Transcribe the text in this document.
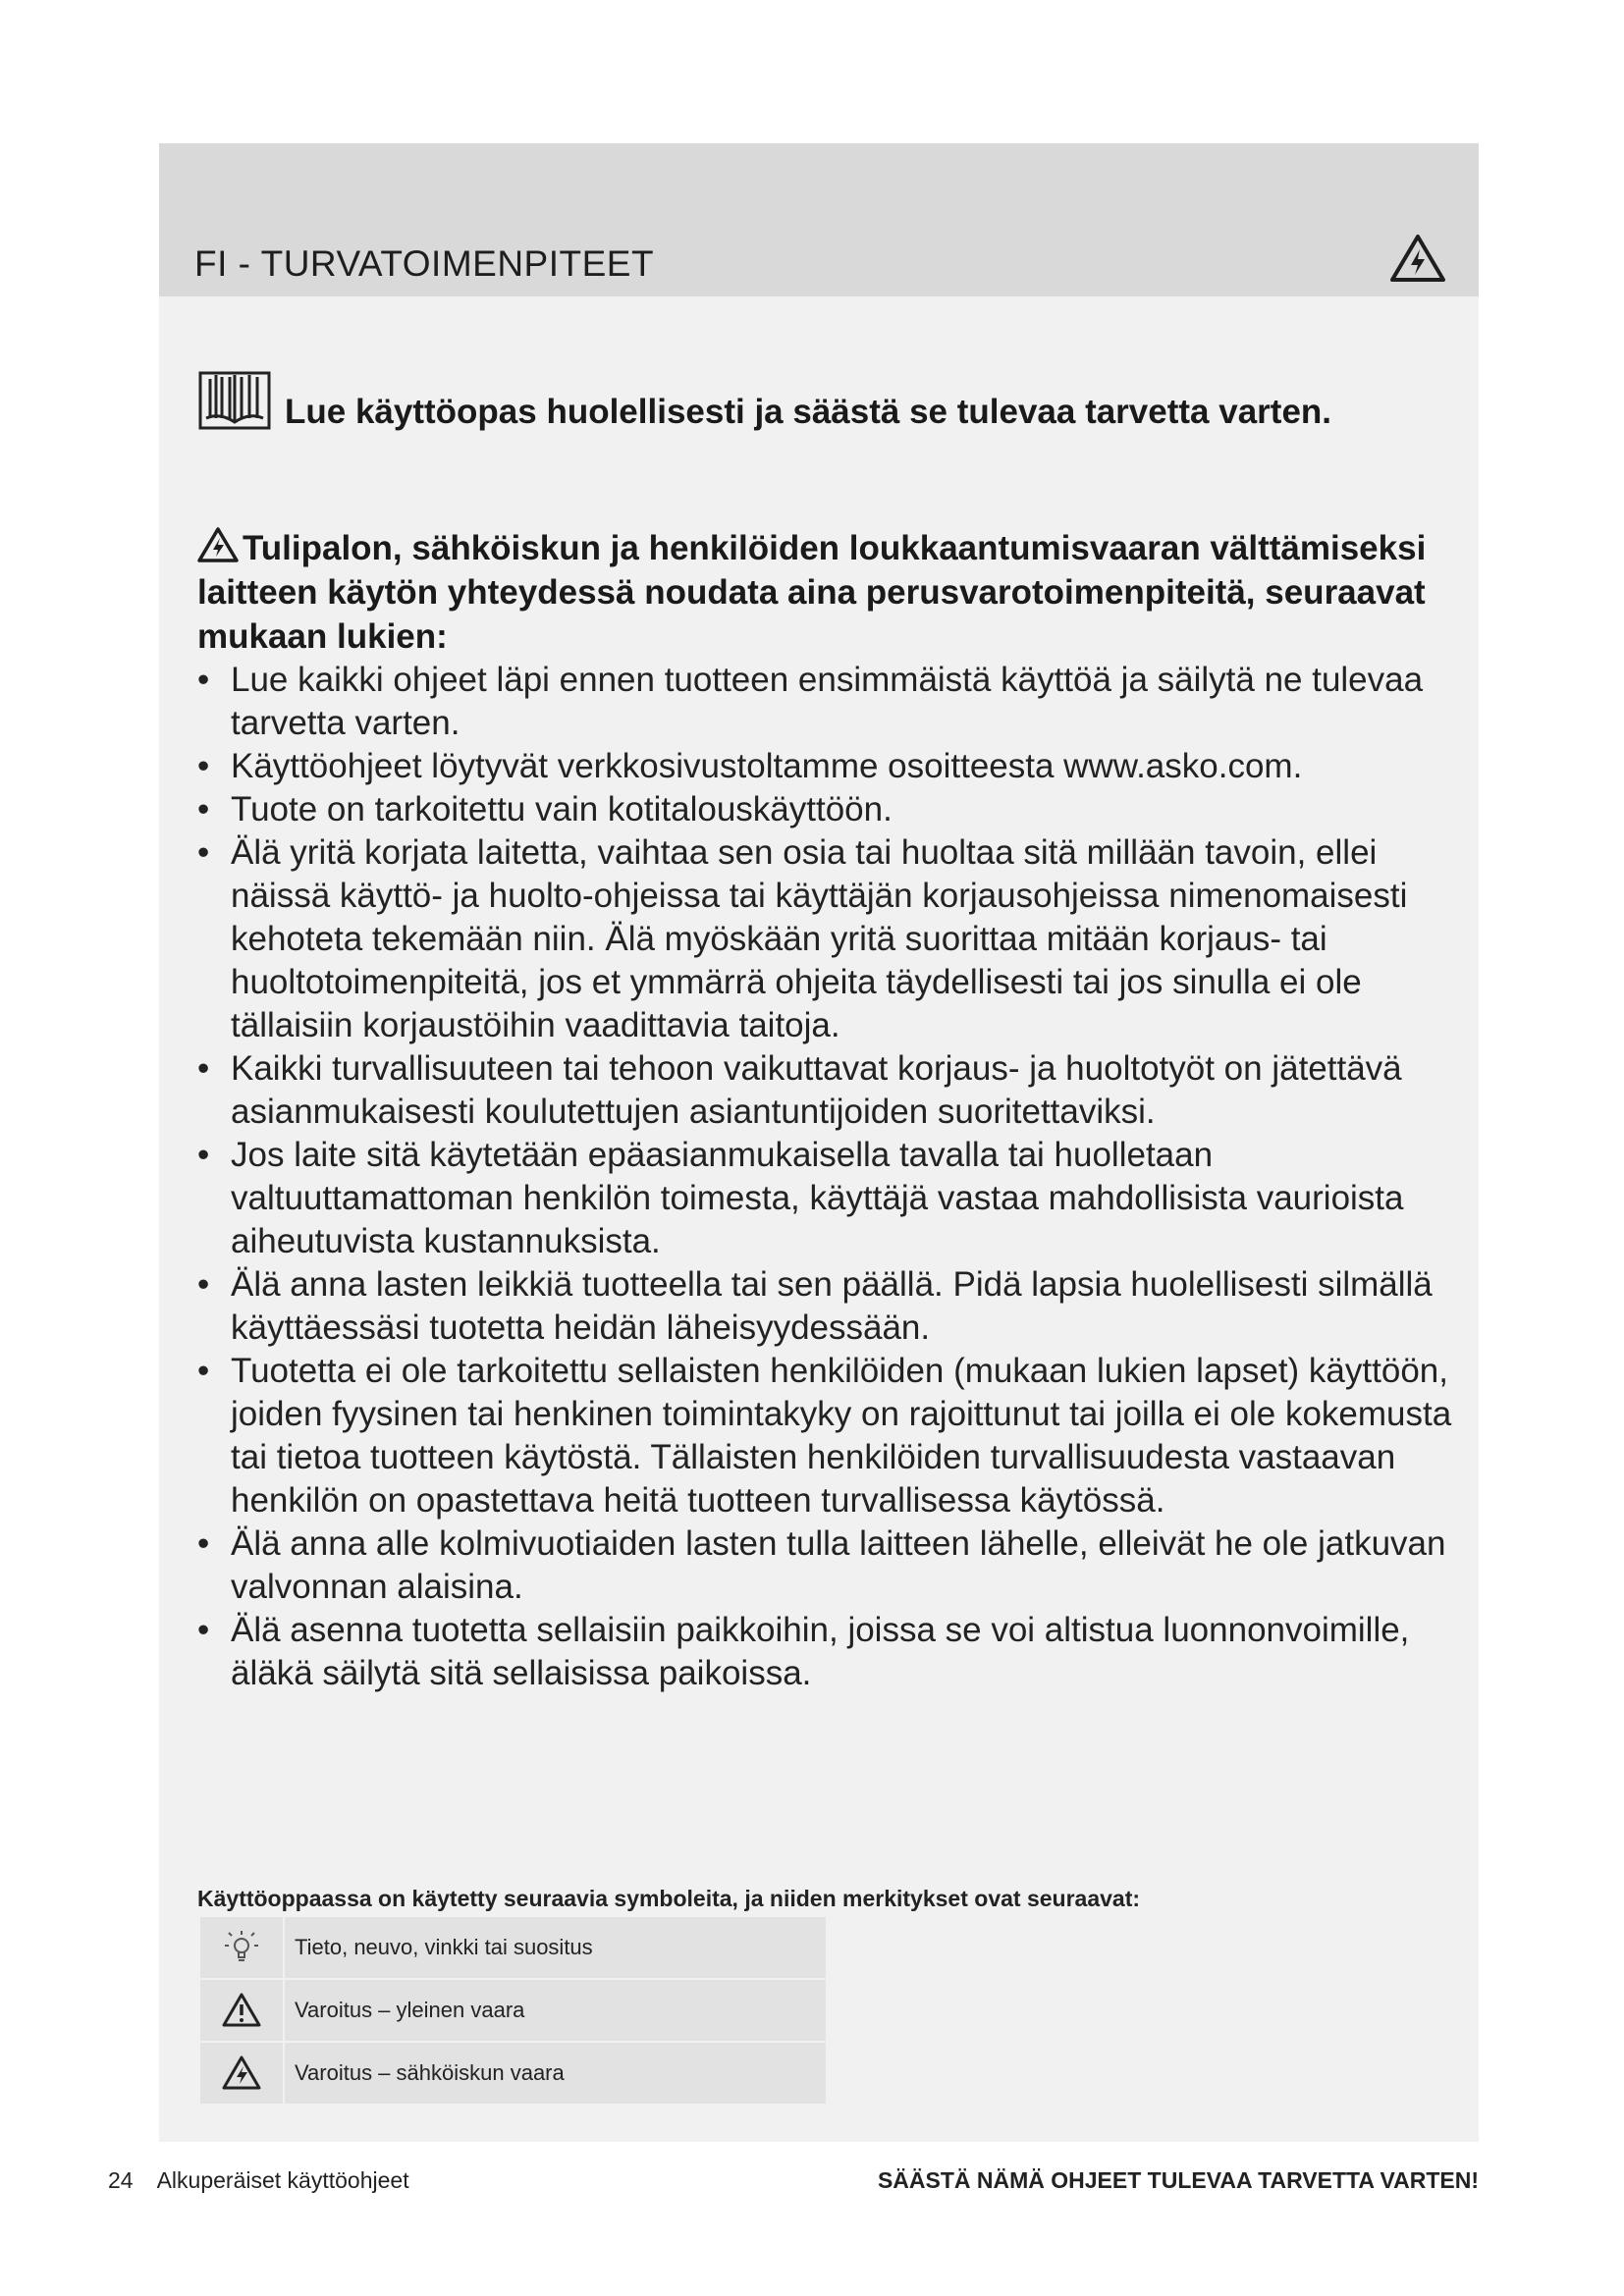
FI - TURVATOIMENPITEET
Lue käyttöopas huolellisesti ja säästä se tulevaa tarvetta varten.

Tulipalon, sähköiskun ja henkilöiden loukkaantumisvaaran välttämiseksi laitteen käytön yhteydessä noudata aina perusvarotoimenpiteitä, seuraavat mukaan lukien:

• Lue kaikki ohjeet läpi ennen tuotteen ensimmäistä käyttöä ja säilytä ne tulevaa tarvetta varten.
• Käyttöohjeet löytyvät verkkosivustoltamme osoitteesta www.asko.com.
• Tuote on tarkoitettu vain kotitalouskäyttöön.
• Älä yritä korjata laitetta, vaihtaa sen osia tai huoltaa sitä millään tavoin, ellei näissä käyttö- ja huolto-ohjeissa tai käyttäjän korjausohjeissa nimenomaisesti kehoteta tekemään niin. Älä myöskään yritä suorittaa mitään korjaus- tai huoltotoimenpiteitä, jos et ymmärrä ohjeita täydellisesti tai jos sinulla ei ole tällaisiin korjaustöihin vaadittavia taitoja.
• Kaikki turvallisuuteen tai tehoon vaikuttavat korjaus- ja huoltotyöt on jätettävä asianmukaisesti koulutettujen asiantuntijoiden suoritettaviksi.
• Jos laite sitä käytetään epäasianmukaisella tavalla tai huolletaan valtuuttamattoman henkilön toimesta, käyttäjä vastaa mahdollisista vaurioista aiheutuvista kustannuksista.
• Älä anna lasten leikkiä tuotteella tai sen päällä. Pidä lapsia huolellisesti silmällä käyttäessäsi tuotetta heidän läheisyydessään.
• Tuotetta ei ole tarkoitettu sellaisten henkilöiden (mukaan lukien lapset) käyttöön, joiden fyysinen tai henkinen toimintakyky on rajoittunut tai joilla ei ole kokemusta tai tietoa tuotteen käytöstä. Tällaisten henkilöiden turvallisuudesta vastaavan henkilön on opastettava heitä tuotteen turvallisessa käytössä.
• Älä anna alle kolmivuotiaiden lasten tulla laitteen lähelle, elleivät he ole jatkuvan valvonnan alaisina.
• Älä asenna tuotetta sellaisiin paikkoihin, joissa se voi altistua luonnonvoimille, äläkä säilytä sitä sellaisissa paikoissa.
Käyttöoppaassa on käytetty seuraavia symboleita, ja niiden merkitykset ovat seuraavat:
	Tieto, neuvo, vinkki tai suositus
	Varoitus – yleinen vaara
	Varoitus – sähköiskun vaara
24 Alkuperäiset käyttöohjeet	SÄÄSTÄ NÄMÄ OHJEET TULEVAA TARVETTA VARTEN!
